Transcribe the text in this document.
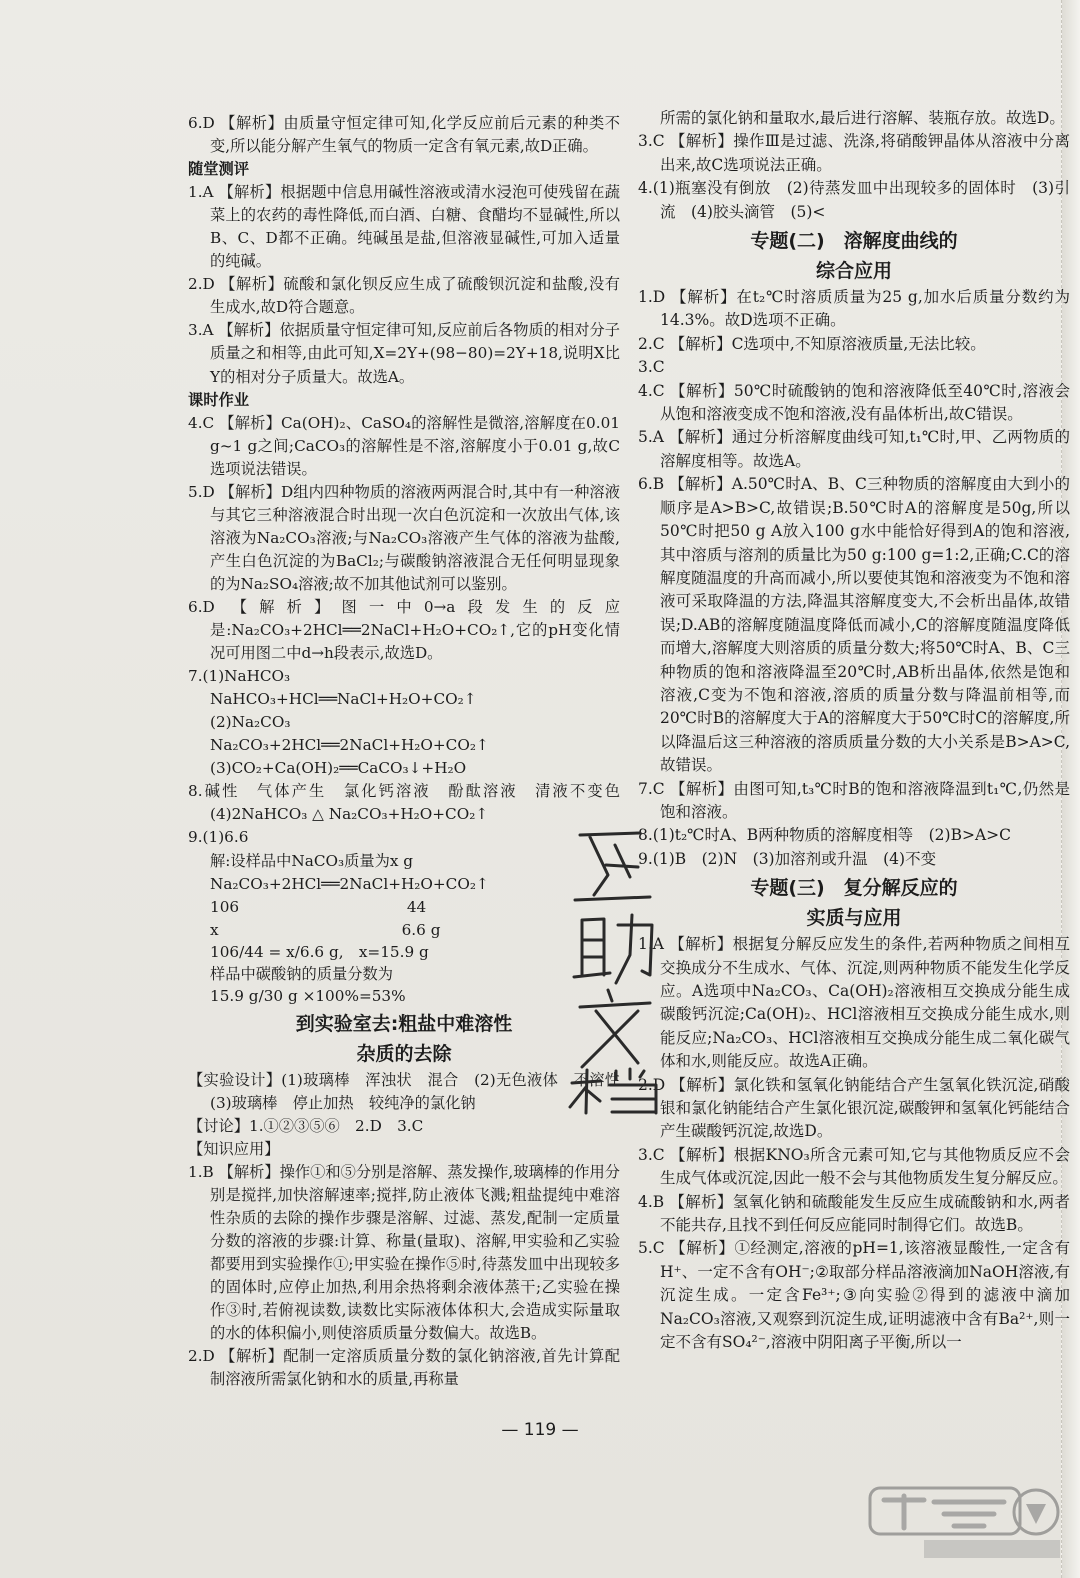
6.D 【解析】由质量守恒定律可知,化学反应前后元素的种类不变,所以能分解产生氧气的物质一定含有氧元素,故D正确。

随堂测评

1.A 【解析】根据题中信息用碱性溶液或清水浸泡可使残留在蔬菜上的农药的毒性降低,而白酒、白糖、食醋均不显碱性,所以B、C、D都不正确。纯碱虽是盐,但溶液显碱性,可加入适量的纯碱。

2.D 【解析】硫酸和氯化钡反应生成了硫酸钡沉淀和盐酸,没有生成水,故D符合题意。

3.A 【解析】依据质量守恒定律可知,反应前后各物质的相对分子质量之和相等,由此可知,X=2Y+(98−80)=2Y+18,说明X比Y的相对分子质量大。故选A。

课时作业

4.C 【解析】Ca(OH)₂、CaSO₄的溶解性是微溶,溶解度在0.01 g~1 g之间;CaCO₃的溶解性是不溶,溶解度小于0.01 g,故C选项说法错误。

5.D 【解析】D组内四种物质的溶液两两混合时,其中有一种溶液与其它三种溶液混合时出现一次白色沉淀和一次放出气体,该溶液为Na₂CO₃溶液;与Na₂CO₃溶液产生气体的溶液为盐酸,产生白色沉淀的为BaCl₂;与碳酸钠溶液混合无任何明显现象的为Na₂SO₄溶液;故不加其他试剂可以鉴别。

6.D 【解析】图一中0→a段发生的反应是:Na₂CO₃+2HCl══2NaCl+H₂O+CO₂↑,它的pH变化情况可用图二中d→h段表示,故选D。

7.(1)NaHCO₃

NaHCO₃+HCl══NaCl+H₂O+CO₂↑

(2)Na₂CO₃

Na₂CO₃+2HCl══2NaCl+H₂O+CO₂↑

(3)CO₂+Ca(OH)₂══CaCO₃↓+H₂O

8.碱性　气体产生　氯化钙溶液　酚酞溶液　清液不变色　(4)2NaHCO₃ △ Na₂CO₃+H₂O+CO₂↑

9.(1)6.6

解:设样品中NaCO₃质量为x g

Na₂CO₃+2HCl══2NaCl+H₂O+CO₂↑

106　　　　　　　　　　　44

x　　　　　　　　　　　　6.6 g

106/44 = x/6.6 g,　x=15.9 g

样品中碳酸钠的质量分数为

15.9 g/30 g ×100%=53%

到实验室去:粗盐中难溶性
杂质的去除

【实验设计】(1)玻璃棒　浑浊状　混合　(2)无色液体　不溶性　(3)玻璃棒　停止加热　较纯净的氯化钠

【讨论】1.①②③⑤⑥　2.D　3.C

【知识应用】

1.B 【解析】操作①和⑤分别是溶解、蒸发操作,玻璃棒的作用分别是搅拌,加快溶解速率;搅拌,防止液体飞溅;粗盐提纯中难溶性杂质的去除的操作步骤是溶解、过滤、蒸发,配制一定质量分数的溶液的步骤:计算、称量(量取)、溶解,甲实验和乙实验都要用到实验操作①;甲实验在操作⑤时,待蒸发皿中出现较多的固体时,应停止加热,利用余热将剩余液体蒸干;乙实验在操作③时,若俯视读数,读数比实际液体体积大,会造成实际量取的水的体积偏小,则使溶质质量分数偏大。故选B。

2.D 【解析】配制一定溶质质量分数的氯化钠溶液,首先计算配制溶液所需氯化钠和水的质量,再称量

所需的氯化钠和量取水,最后进行溶解、装瓶存放。故选D。

3.C 【解析】操作Ⅲ是过滤、洗涤,将硝酸钾晶体从溶液中分离出来,故C选项说法正确。

4.(1)瓶塞没有倒放　(2)待蒸发皿中出现较多的固体时　(3)引流　(4)胶头滴管　(5)<

专题(二)　溶解度曲线的
综合应用

1.D 【解析】在t₂℃时溶质质量为25 g,加水后质量分数约为14.3%。故D选项不正确。

2.C 【解析】C选项中,不知原溶液质量,无法比较。

3.C

4.C 【解析】50℃时硫酸钠的饱和溶液降低至40℃时,溶液会从饱和溶液变成不饱和溶液,没有晶体析出,故C错误。

5.A 【解析】通过分析溶解度曲线可知,t₁℃时,甲、乙两物质的溶解度相等。故选A。

6.B 【解析】A.50℃时A、B、C三种物质的溶解度由大到小的顺序是A>B>C,故错误;B.50℃时A的溶解度是50g,所以50℃时把50 g A放入100 g水中能恰好得到A的饱和溶液,其中溶质与溶剂的质量比为50 g:100 g=1:2,正确;C.C的溶解度随温度的升高而减小,所以要使其饱和溶液变为不饱和溶液可采取降温的方法,降温其溶解度变大,不会析出晶体,故错误;D.AB的溶解度随温度降低而减小,C的溶解度随温度降低而增大,溶解度大则溶质的质量分数大;将50℃时A、B、C三种物质的饱和溶液降温至20℃时,AB析出晶体,依然是饱和溶液,C变为不饱和溶液,溶质的质量分数与降温前相等,而20℃时B的溶解度大于A的溶解度大于50℃时C的溶解度,所以降温后这三种溶液的溶质质量分数的大小关系是B>A>C,故错误。

7.C 【解析】由图可知,t₃℃时B的饱和溶液降温到t₁℃,仍然是饱和溶液。

8.(1)t₂℃时A、B两种物质的溶解度相等　(2)B>A>C

9.(1)B　(2)N　(3)加溶剂或升温　(4)不变

专题(三)　复分解反应的
实质与应用

1.A 【解析】根据复分解反应发生的条件,若两种物质之间相互交换成分不生成水、气体、沉淀,则两种物质不能发生化学反应。A选项中Na₂CO₃、Ca(OH)₂溶液相互交换成分能生成碳酸钙沉淀;Ca(OH)₂、HCl溶液相互交换成分能生成水,则能反应;Na₂CO₃、HCl溶液相互交换成分能生成二氧化碳气体和水,则能反应。故选A正确。

2.D 【解析】氯化铁和氢氧化钠能结合产生氢氧化铁沉淀,硝酸银和氯化钠能结合产生氯化银沉淀,碳酸钾和氢氧化钙能结合产生碳酸钙沉淀,故选D。

3.C 【解析】根据KNO₃所含元素可知,它与其他物质反应不会生成气体或沉淀,因此一般不会与其他物质发生复分解反应。

4.B 【解析】氢氧化钠和硫酸能发生反应生成硫酸钠和水,两者不能共存,且找不到任何反应能同时制得它们。故选B。

5.C 【解析】①经测定,溶液的pH=1,该溶液显酸性,一定含有H⁺、一定不含有OH⁻;②取部分样品溶液滴加NaOH溶液,有沉淀生成。一定含Fe³⁺;③向实验②得到的滤液中滴加Na₂CO₃溶液,又观察到沉淀生成,证明滤液中含有Ba²⁺,则一定不含有SO₄²⁻,溶液中阴阳离子平衡,所以一

— 119 —
